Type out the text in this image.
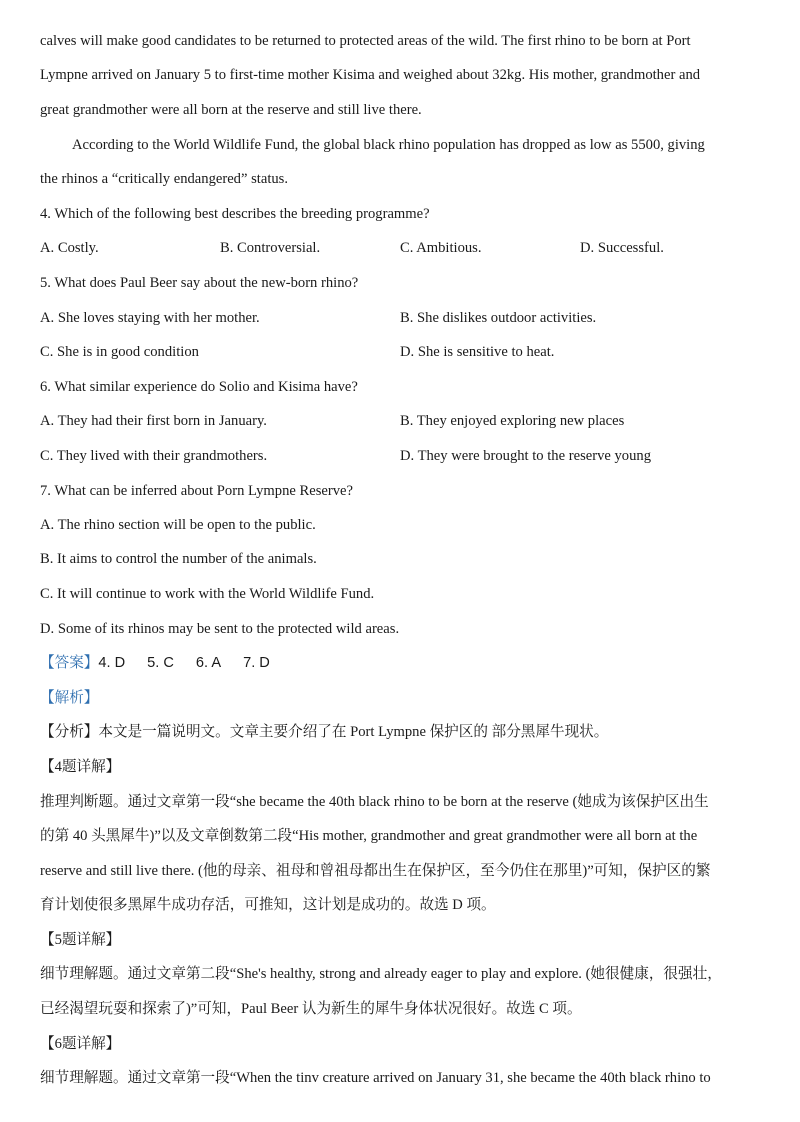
calves will make good candidates to be returned to protected areas of the wild. The first rhino to be born at Port
Lympne arrived on January 5 to first-time mother Kisima and weighed about 32kg. His mother, grandmother and
great grandmother were all born at the reserve and still live there.
According to the World Wildlife Fund, the global black rhino population has dropped as low as 5500, giving
the rhinos a “critically endangered” status.
4. Which of the following best describes the breeding programme?
A. Costly.	B. Controversial.	C. Ambitious.	D. Successful.
5. What does Paul Beer say about the new-born rhino?
A. She loves staying with her mother.	B. She dislikes outdoor activities.
C. She is in good condition	D. She is sensitive to heat.
6. What similar experience do Solio and Kisima have?
A. They had their first born in January.	B. They enjoyed exploring new places
C. They lived with their grandmothers.	D. They were brought to the reserve young
7. What can be inferred about Porn Lympne Reserve?
A. The rhino section will be open to the public.
B. It aims to control the number of the animals.
C. It will continue to work with the World Wildlife Fund.
D. Some of its rhinos may be sent to the protected wild areas.
【答案】4. D 5. C 6. A 7. D
【解析】
【分析】本文是一篇说明文。文章主要介绍了在 Port Lympne 保护区的 部分黑犀牛现状。
【4题详解】
推理判断题。通过文章第一段“she became the 40th black rhino to be born at the reserve (她成为该保护区出生
的第 40 头黑犀牛)”以及文章倒数第二段“His mother, grandmother and great grandmother were all born at the
reserve and still live there. (他的母亲、祖母和曾祖母都出生在保护区，至今仍住在那里)”可知，保护区的繁
育计划使很多黑犀牛成功存活，可推知，这计划是成功的。故选 D 项。
【5题详解】
细节理解题。通过文章第二段“She's healthy, strong and already eager to play and explore. (她很健康，很强壮，
已经渴望玩耍和探索了)”可知，Paul Beer 认为新生的犀牛身体状况很好。故选 C 项。
【6题详解】
细节理解题。通过文章第一段“When the tinv creature arrived on January 31, she became the 40th black rhino to
